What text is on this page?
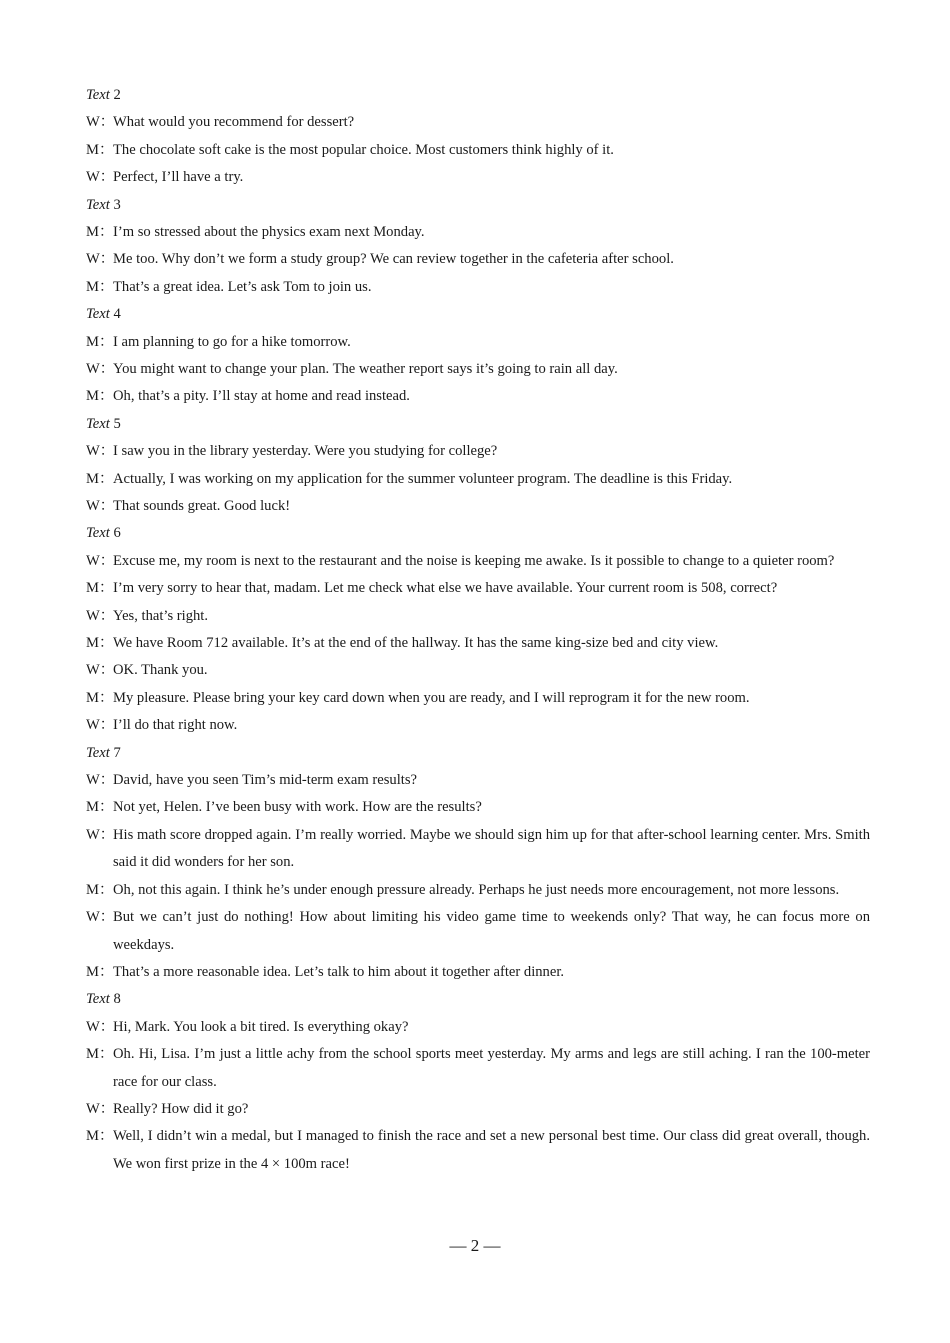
Text 2
W：
What would you recommend for dessert?
M： The chocolate soft cake is the most popular choice. Most customers think highly of it.
W：
Perfect, I’ll have a try.
Text 3
M： I’m so stressed about the physics exam next Monday.
W：
Me too. Why don’t we form a study group? We can review together in the cafeteria after school.
M： That’s a great idea. Let’s ask Tom to join us.
Text 4
M： I am planning to go for a hike tomorrow.
W：
You might want to change your plan. The weather report says it’s going to rain all day.
M： Oh, that’s a pity. I’ll stay at home and read instead.
Text 5
W：
I saw you in the library yesterday. Were you studying for college?
M： Actually, I was working on my application for the summer volunteer program. The deadline is this Friday.
W：
That sounds great. Good luck!
Text 6
W：
Excuse me, my room is next to the restaurant and the noise is keeping me awake. Is it possible to change to a quieter room?
M： I’m very sorry to hear that, madam. Let me check what else we have available. Your current room is 508, correct?
W：
Yes, that’s right.
M： We have Room 712 available. It’s at the end of the hallway. It has the same king-size bed and city view.
W：
OK. Thank you.
M： My pleasure. Please bring your key card down when you are ready, and I will reprogram it for the new room.
W：
I’ll do that right now.
Text 7
W：
David, have you seen Tim’s mid-term exam results?
M： Not yet, Helen. I’ve been busy with work. How are the results?
W：
His math score dropped again. I’m really worried. Maybe we should sign him up for that after-school learning center. Mrs. Smith said it did wonders for her son.
M： Oh, not this again. I think he’s under enough pressure already. Perhaps he just needs more encouragement, not more lessons.
W：
But we can’t just do nothing! How about limiting his video game time to weekends only? That way, he can focus more on weekdays.
M： That’s a more reasonable idea. Let’s talk to him about it together after dinner.
Text 8
W：
Hi, Mark. You look a bit tired. Is everything okay?
M： Oh. Hi, Lisa. I’m just a little achy from the school sports meet yesterday. My arms and legs are still aching. I ran the 100-meter race for our class.
W：
Really? How did it go?
M： Well, I didn’t win a medal, but I managed to finish the race and set a new personal best time. Our class did great overall, though. We won first prize in the 4 × 100m race!
— 2 —
